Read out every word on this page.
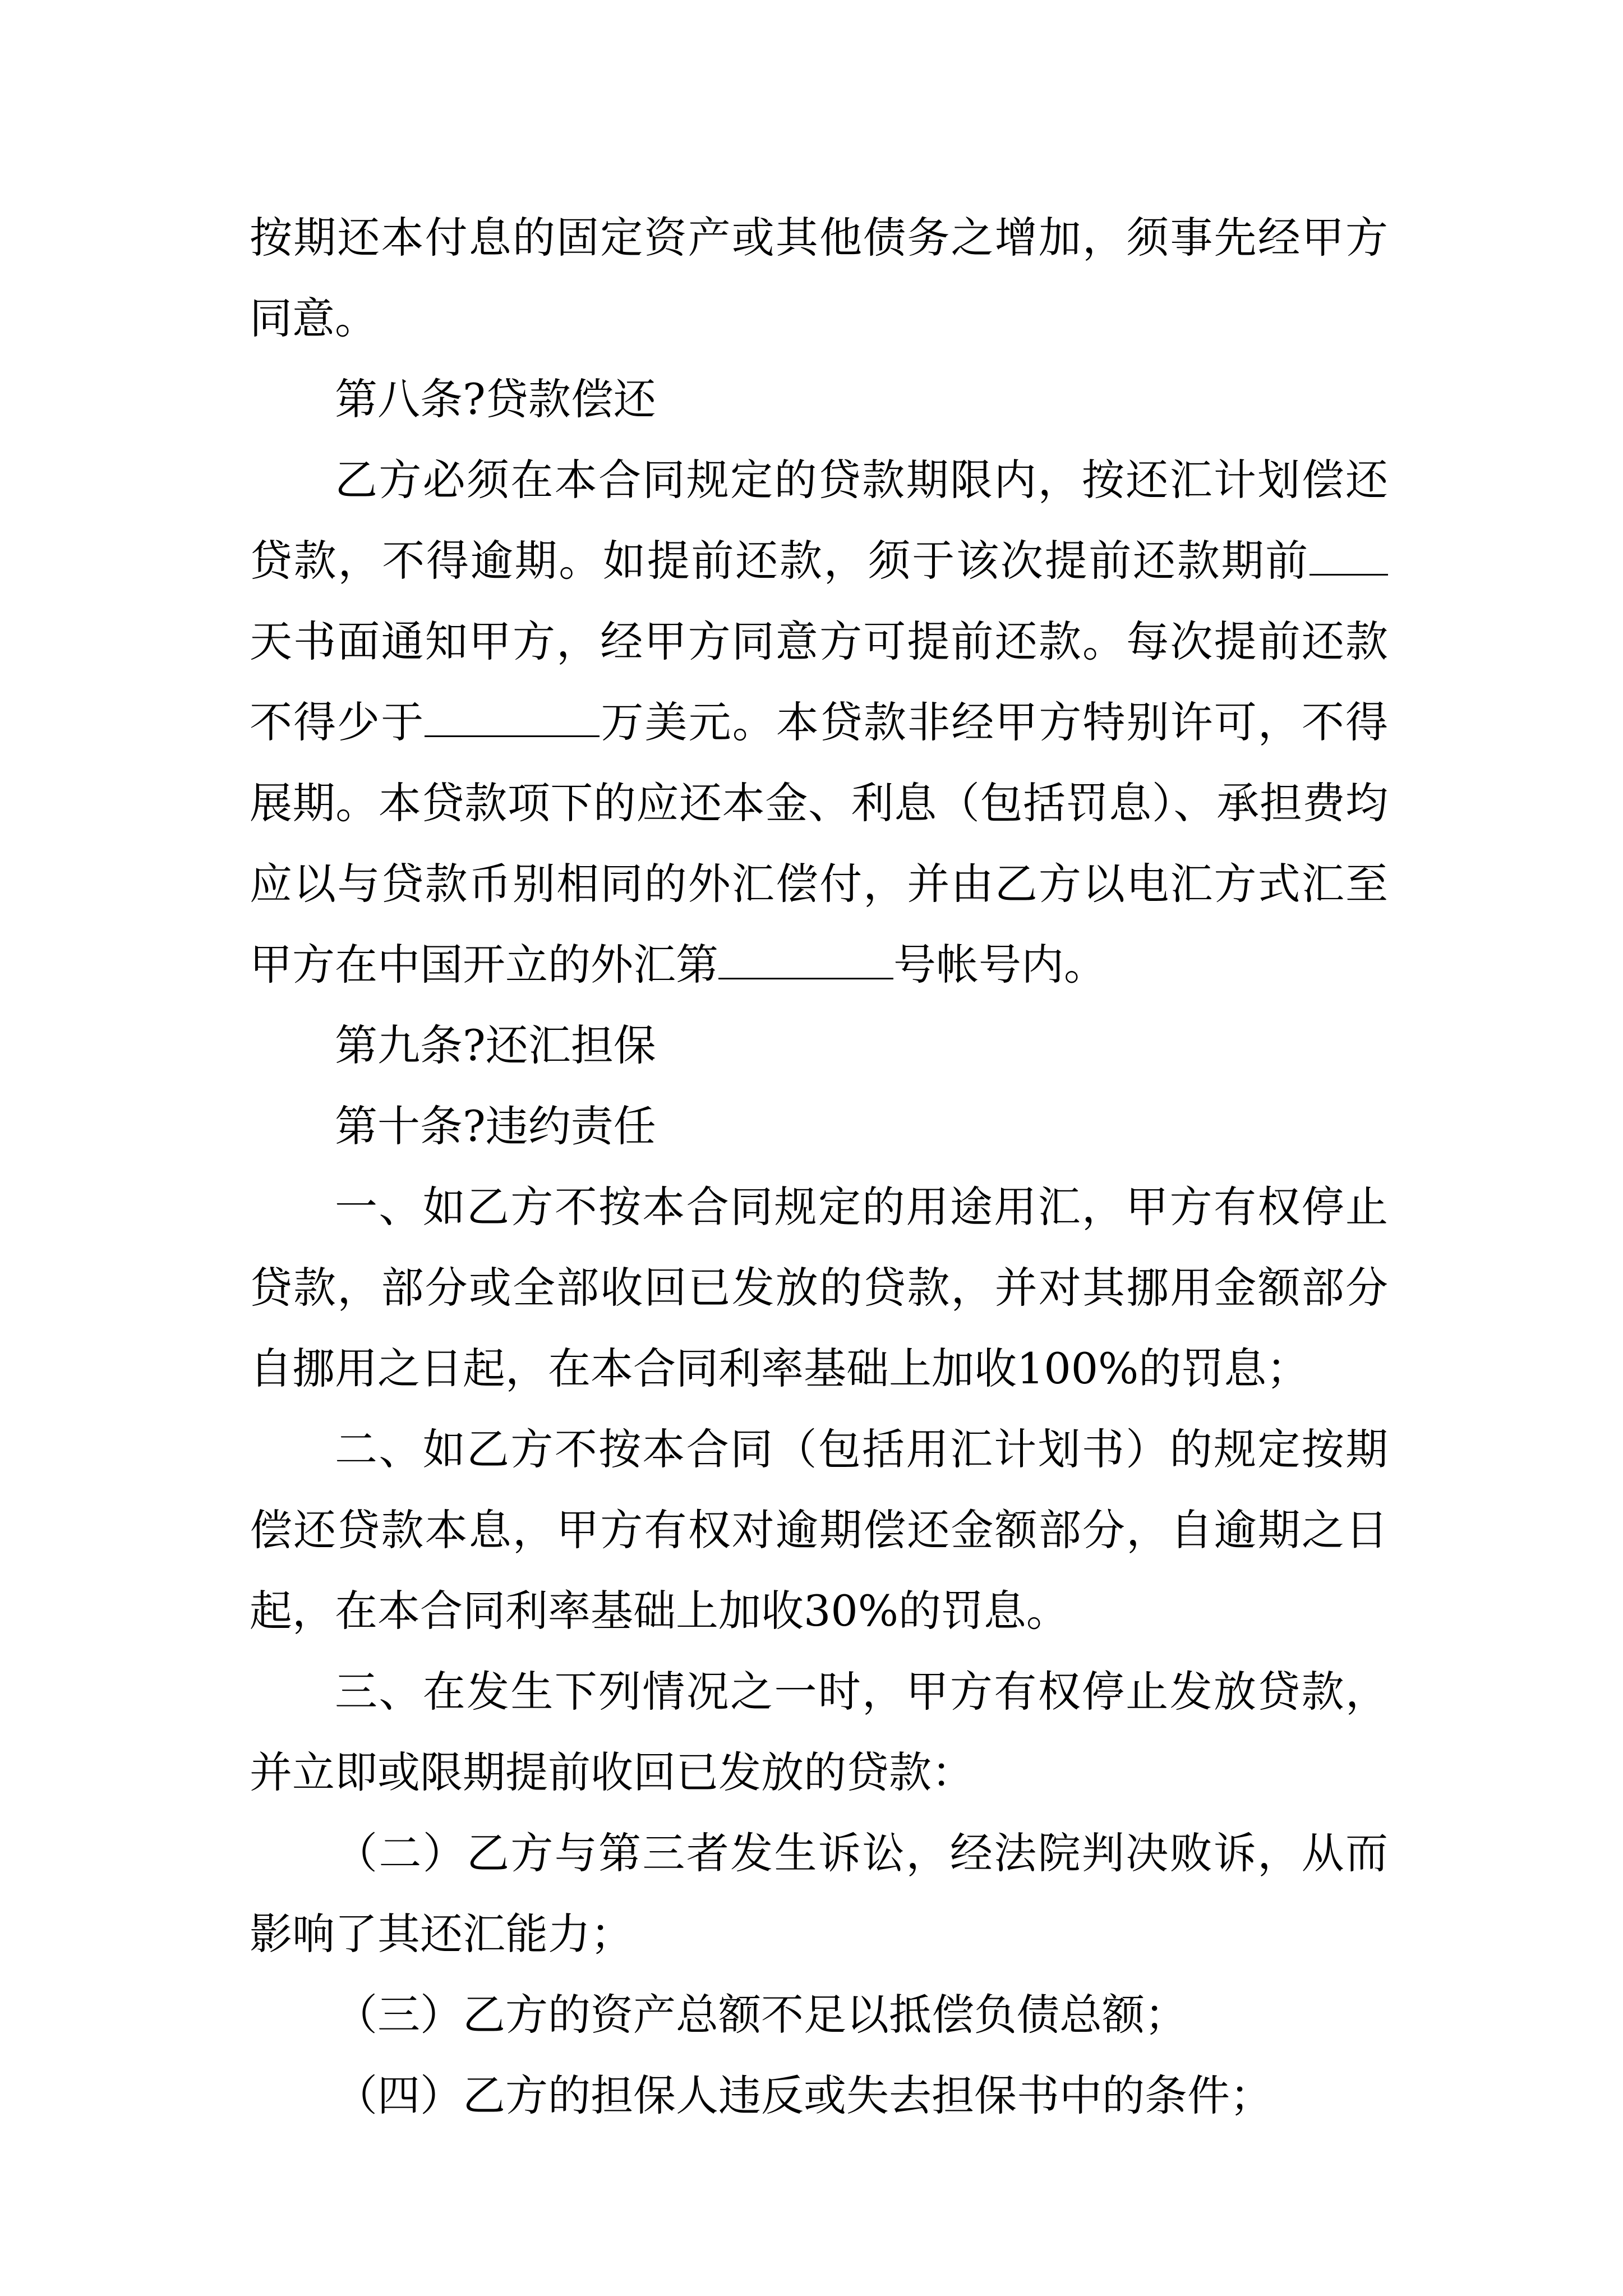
按期还本付息的固定资产或其他债务之增加，须事先经甲方同意。

第八条?贷款偿还

乙方必须在本合同规定的贷款期限内，按还汇计划偿还贷款，不得逾期。如提前还款，须于该次提前还款期前天书面通知甲方，经甲方同意方可提前还款。每次提前还款不得少于	万美元。本贷款非经甲方特别许可，不得展期。本贷款项下的应还本金、利息（包括罚息）、承担费均应以与贷款币别相同的外汇偿付，并由乙方以电汇方式汇至甲方在中国开立的外汇第	号帐号内。

第九条?还汇担保

第十条?违约责任

一、如乙方不按本合同规定的用途用汇，甲方有权停止贷款，部分或全部收回已发放的贷款，并对其挪用金额部分自挪用之日起，在本合同利率基础上加收100%的罚息；

二、如乙方不按本合同（包括用汇计划书）的规定按期偿还贷款本息，甲方有权对逾期偿还金额部分，自逾期之日起，在本合同利率基础上加收30%的罚息。

三、在发生下列情况之一时，甲方有权停止发放贷款，并立即或限期提前收回已发放的贷款：

（二）乙方与第三者发生诉讼，经法院判决败诉，从而影响了其还汇能力；

（三）乙方的资产总额不足以抵偿负债总额；

（四）乙方的担保人违反或失去担保书中的条件；
